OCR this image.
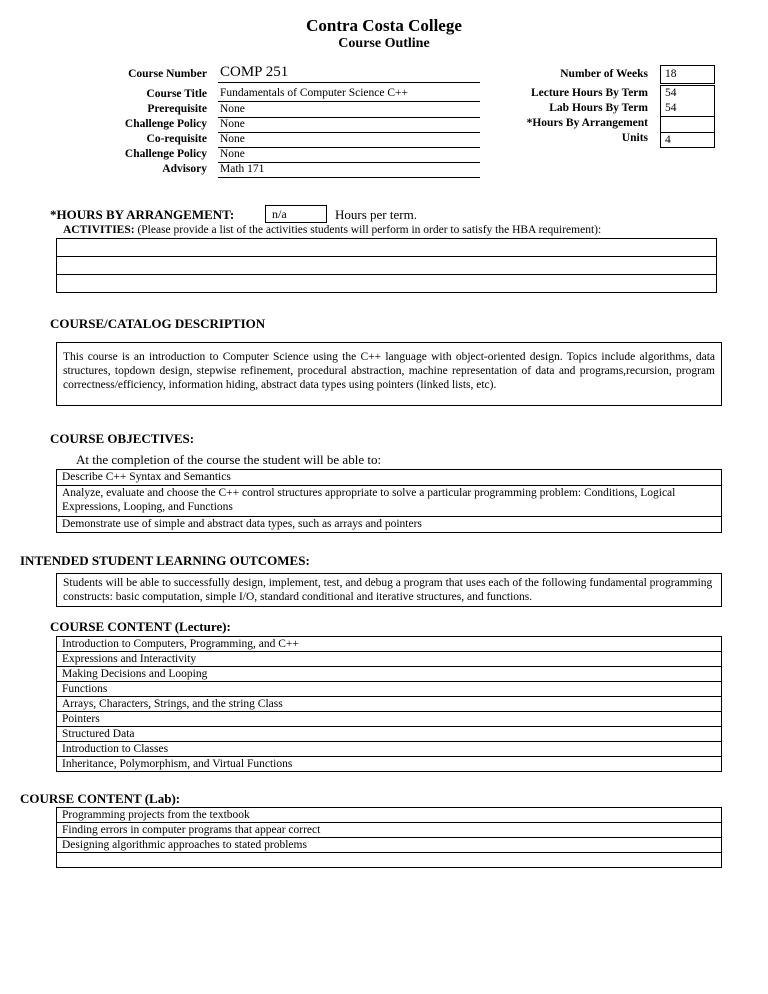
Contra Costa College
Course Outline
Course Number COMP 251
Course Title Fundamentals of Computer Science C++
Prerequisite None
Challenge Policy None
Co-requisite None
Challenge Policy None
Advisory Math 171
Number of Weeks
Lecture Hours By Term
Lab Hours By Term
*Hours By Arrangement
Units
18
54
54
4
*HOURS BY ARRANGEMENT:	n/a	Hours per term.
ACTIVITIES: (Please provide a list of the activities students will perform in order to satisfy the HBA requirement):
COURSE/CATALOG DESCRIPTION
This course is an introduction to Computer Science using the C++ language with object-oriented design. Topics include algorithms, data structures, topdown design, stepwise refinement, procedural abstraction, machine representation of data and programs,recursion, program correctness/efficiency, information hiding, abstract data types using pointers (linked lists, etc).
COURSE OBJECTIVES:
At the completion of the course the student will be able to:
Describe C++ Syntax and Semantics
Analyze, evaluate and choose the C++ control structures appropriate to solve a particular programming problem: Conditions, Logical Expressions, Looping, and Functions
Demonstrate use of simple and abstract data types, such as arrays and pointers
INTENDED STUDENT LEARNING OUTCOMES:
Students will be able to successfully design, implement, test, and debug a program that uses each of the following fundamental programming constructs: basic computation, simple I/O, standard conditional and iterative structures, and functions.
COURSE CONTENT (Lecture):
Introduction to Computers, Programming, and C++
Expressions and Interactivity
Making Decisions and Looping
Functions
Arrays, Characters, Strings, and the string Class
Pointers
Structured Data
Introduction to Classes
Inheritance, Polymorphism, and Virtual Functions
COURSE CONTENT (Lab):
Programming projects from the textbook
Finding errors in computer programs that appear correct
Designing algorithmic approaches to stated problems
